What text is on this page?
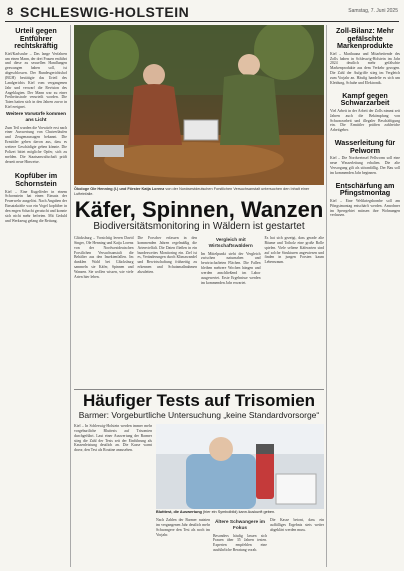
8 SCHLESWIG-HOLSTEIN	Samstag, 7. Juni 2025
Urteil gegen Entführer rechtskräftig

Kiel/Karlsruhe – Das lange Verfahren um einen Mann, der drei Frauen entführt und diese zu sexuellen Handlungen gezwungen haben soll, ist abgeschlossen. Der Bundesgerichtshof (BGH) bestätigte das Urteil des Landgerichts Kiel vom vergangenen Jahr und verwarf die Revision des Angeklagten. Der Mann war zu einer Freiheitsstrafe verurteilt worden. Die Taten hatten sich in den Jahren zuvor in Kiel ereignet.

Weitere Vorwürfe kommen ans Licht

Zum Teil wurden die Vorwürfe erst nach einer Auswertung von Chatverläufen und Zeugenaussagen bekannt. Die Ermittler gehen davon aus, dass es weitere Geschädigte geben könnte. Die Polizei bittet mögliche Opfer, sich zu melden. Die Staatsanwaltschaft prüft derzeit neue Hinweise.

Kopfüber im Schornstein

Kiel – Eine Kugelfeder in einem Schornstein hat einen Einsatz der Feuerwehr ausgelöst. Nach Angaben der Einsatzkräfte war ein Vogel kopfüber in den engen Schacht gerutscht und konnte sich nicht mehr befreien. Mit Geduld und Werkzeug gelang die Rettung.

Ökologe Ole Henning (l.) und Förster Katja Lorenz von der Nordwestdeutschen Forstlichen Versuchsanstalt untersuchen den Inhalt einer Lufteinfalle.
Käfer, Spinnen, Wanzen
Biodiversitätsmonitoring in Wäldern ist gestartet

Glücksburg – Vorsichtig leeren David Singer, Ole Henning und Katja Lorenz von der Nordwestdeutschen Forstlichen Versuchsanstalt die Behälter aus den Insektenfallen. Im dunklen Wald bei Glücksburg sammeln sie Käfer, Spinnen und Wanzen. Sie wollen wissen, wie viele Arten hier leben.

Die Forscher erfassen in den kommenden Jahren regelmäßig die Artenvielfalt. Die Daten fließen in ein bundesweites Monitoring ein. Ziel ist es, Veränderungen durch Klimawandel und Bewirtschaftung frühzeitig zu erkennen und Schutzmaßnahmen abzuleiten.

Vergleich mit Wirtschaftswäldern

Im Mittelpunkt steht der Vergleich zwischen naturnahen und bewirtschafteten Flächen. Die Fallen bleiben mehrere Wochen hängen und werden anschließend im Labor ausgewertet. Erste Ergebnisse werden im kommenden Jahr erwartet.

Es hat sich gezeigt, dass gerade alte Bäume und Totholz eine große Rolle spielen. Viele seltene Käferarten sind auf solche Strukturen angewiesen und finden in jungen Forsten kaum Lebensraum.

Häufiger Tests auf Trisomien
Barmer: Vorgeburtliche Untersuchung „keine Standardvorsorge“

Kiel – In Schleswig-Holstein werden immer mehr vorgeburtliche Bluttests auf Trisomien durchgeführt. Laut einer Auswertung der Barmer stieg die Zahl der Tests seit der Einführung als Kassenleistung deutlich an. Die Kasse warnt davor, den Test als Routine anzusehen.

Blutttest, die Auswertung (hier ein Symbolbild) kann Auskunft geben.

Nach Zahlen der Barmer nutzten im vergangenen Jahr deutlich mehr Schwangere den Test als noch im Vorjahr.

Ältere Schwangere im Fokus

Besonders häufig lassen sich Frauen über 35 Jahren testen. Experten empfehlen eine ausführliche Beratung vorab.

Die Kasse betont, dass ein auffälliges Ergebnis stets weiter abgeklärt werden muss.

Zoll-Bilanz: Mehr gefälschte Markenprodukte

Kiel – Marihuana und Mitarbeitende des Zolls haben in Schleswig-Holstein im Jahr 2024 deutlich mehr gefälschte Markenprodukte aus dem Verkehr gezogen. Die Zahl der Aufgriffe stieg im Vergleich zum Vorjahr an. Häufig handelte es sich um Kleidung, Schuhe und Elektronik.

Kampf gegen Schwarzarbeit

Viel Arbeit in der Arbeit der Zolls nimmt seit Jahren auch die Bekämpfung von Schwarzarbeit und illegaler Beschäftigung ein. Die Ermittler prüften zahlreiche Arbeitgeber.

Wasserleitung für Pelworm

Kiel – Die Nordseeinsel Pellworm soll eine neue Wasserleitung erhalten. Die alte Versorgung gilt als störanfällig. Der Bau soll im kommenden Jahr beginnen.

Entschärfung am Pfingstmontag

Kiel – Eine Weltkriegsbombe soll am Pfingstmontag entschärft werden. Anwohner im Sperrgebiet müssen ihre Wohnungen verlassen.
